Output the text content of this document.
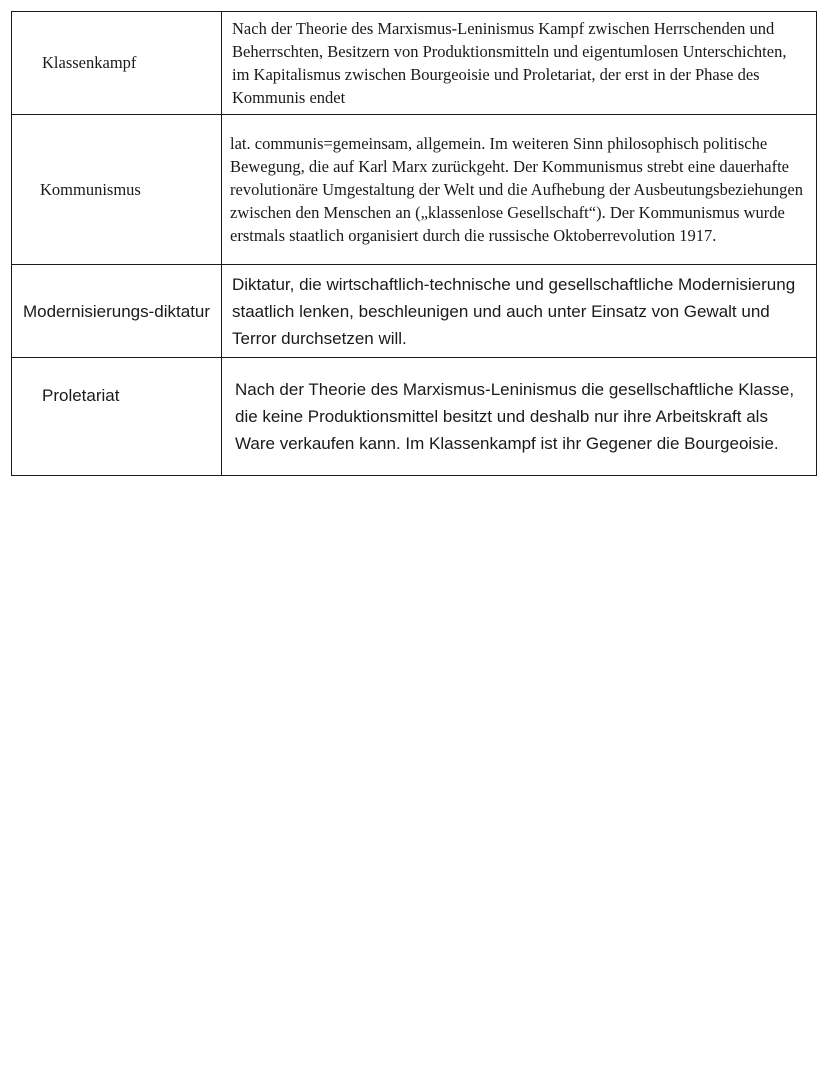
Klassenkampf	Nach der Theorie des Marxismus-Leninismus Kampf zwischen Herrschenden und Beherrschten, Besitzern von Produktionsmitteln und eigentumlosen Unterschichten, im Kapitalismus zwischen Bourgeoisie und Proletariat, der erst in der Phase des Kommunis endet

Kommunismus	lat. communis=gemeinsam, allgemein. Im weiteren Sinn philosophisch politische Bewegung, die auf Karl Marx zurückgeht. Der Kommunismus strebt eine dauerhafte revolutionäre Umgestaltung der Welt und die Aufhebung der Ausbeutungsbeziehungen zwischen den Menschen an („klassenlose Gesellschaft“). Der Kommunismus wurde erstmals staatlich organisiert durch die russische Oktoberrevolution 1917.

Modernisierungs-diktatur	Diktatur, die wirtschaftlich-technische und gesellschaftliche Modernisierung staatlich lenken, beschleunigen und auch unter Einsatz von Gewalt und Terror durchsetzen will.

Proletariat	Nach der Theorie des Marxismus-Leninismus die gesellschaftliche Klasse, die keine Produktionsmittel besitzt und deshalb nur ihre Arbeitskraft als Ware verkaufen kann. Im Klassenkampf ist ihr Gegener die Bourgeoisie.
